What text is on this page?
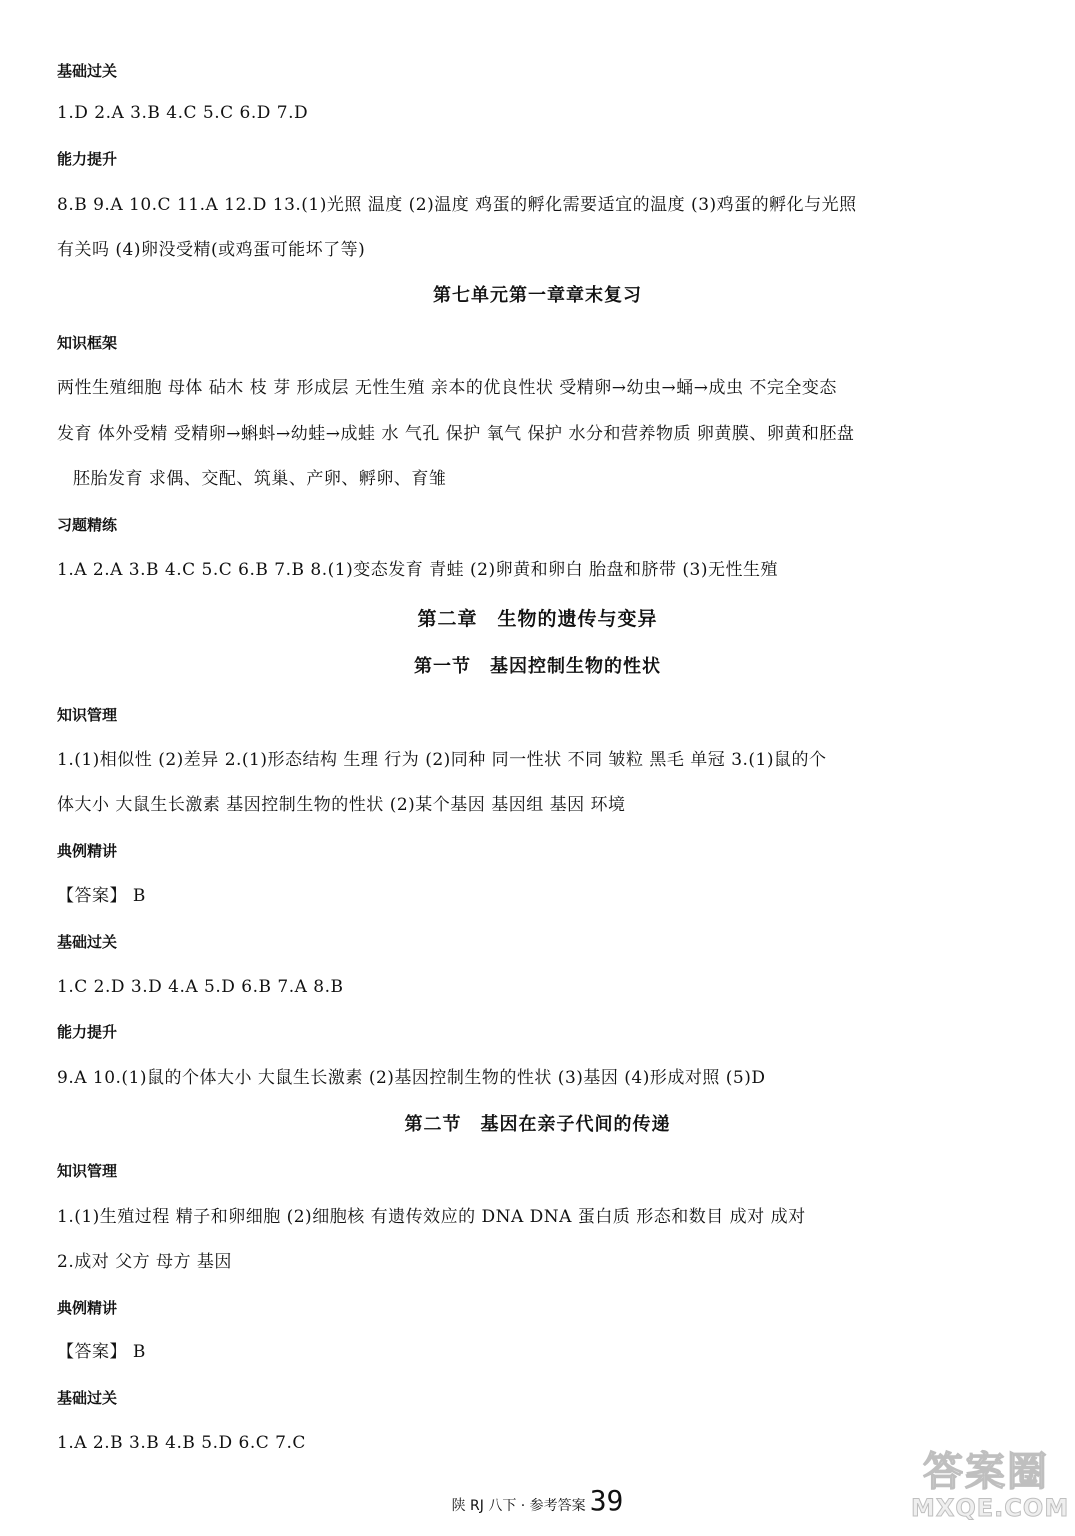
基础过关
1.D 2.A 3.B 4.C 5.C 6.D 7.D
能力提升
8.B 9.A 10.C 11.A 12.D 13.(1)光照 温度 (2)温度 鸡蛋的孵化需要适宜的温度 (3)鸡蛋的孵化与光照
有关吗 (4)卵没受精(或鸡蛋可能坏了等)
第七单元第一章章末复习
知识框架
两性生殖细胞 母体 砧木 枝 芽 形成层 无性生殖 亲本的优良性状 受精卵→幼虫→蛹→成虫 不完全变态
发育 体外受精 受精卵→蝌蚪→幼蛙→成蛙 水 气孔 保护 氧气 保护 水分和营养物质 卵黄膜、卵黄和胚盘
胚胎发育 求偶、交配、筑巢、产卵、孵卵、育雏
习题精练
1.A 2.A 3.B 4.C 5.C 6.B 7.B 8.(1)变态发育 青蛙 (2)卵黄和卵白 胎盘和脐带 (3)无性生殖
第二章　生物的遗传与变异
第一节　基因控制生物的性状
知识管理
1.(1)相似性 (2)差异 2.(1)形态结构 生理 行为 (2)同种 同一性状 不同 皱粒 黑毛 单冠 3.(1)鼠的个
体大小 大鼠生长激素 基因控制生物的性状 (2)某个基因 基因组 基因 环境
典例精讲
【答案】 B
基础过关
1.C 2.D 3.D 4.A 5.D 6.B 7.A 8.B
能力提升
9.A 10.(1)鼠的个体大小 大鼠生长激素 (2)基因控制生物的性状 (3)基因 (4)形成对照 (5)D
第二节　基因在亲子代间的传递
知识管理
1.(1)生殖过程 精子和卵细胞 (2)细胞核 有遗传效应的 DNA DNA 蛋白质 形态和数目 成对 成对
2.成对 父方 母方 基因
典例精讲
【答案】 B
基础过关
1.A 2.B 3.B 4.B 5.D 6.C 7.C
陕 RJ 八下 · 参考答案 39
答案圈
MXQE.COM
